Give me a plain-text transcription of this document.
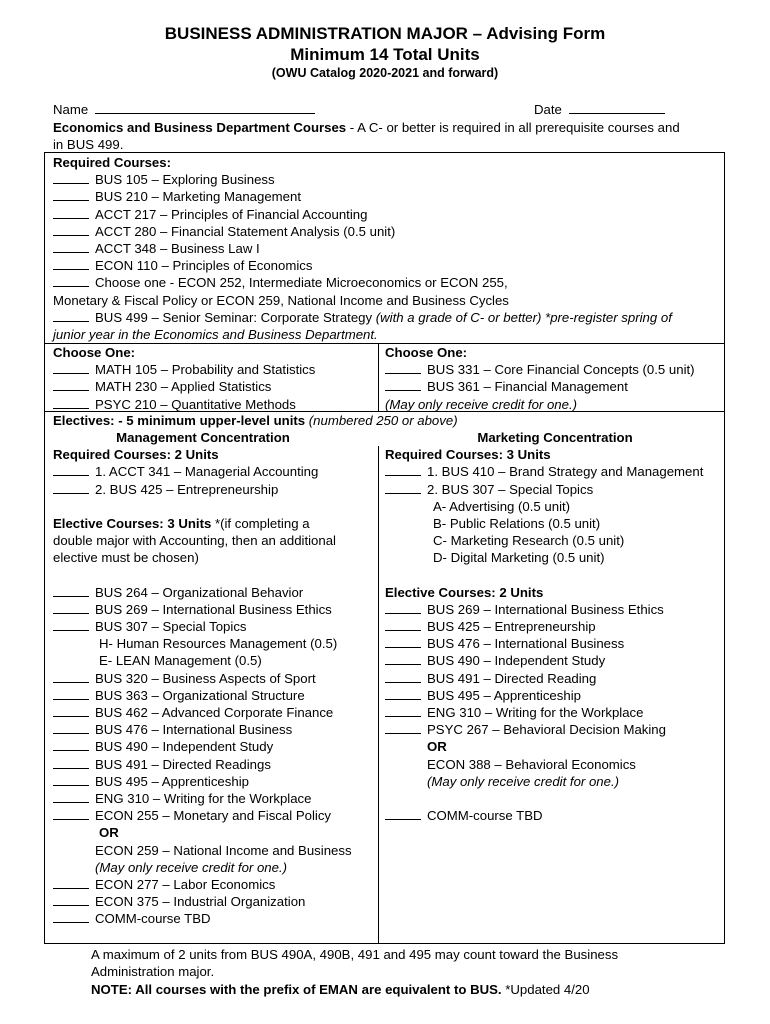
BUSINESS ADMINISTRATION MAJOR – Advising Form
Minimum 14 Total Units
(OWU Catalog 2020-2021 and forward)
Name	Date
Economics and Business Department Courses - A C- or better is required in all prerequisite courses and
in BUS 499.
Required Courses:
BUS 105 – Exploring Business
BUS 210 – Marketing Management
ACCT 217 – Principles of Financial Accounting
ACCT 280 – Financial Statement Analysis (0.5 unit)
ACCT 348 – Business Law I
ECON 110 – Principles of Economics
Choose one - ECON 252, Intermediate Microeconomics or ECON 255,
Monetary & Fiscal Policy or ECON 259, National Income and Business Cycles
BUS 499 – Senior Seminar: Corporate Strategy (with a grade of C- or better) *pre-register spring of
junior year in the Economics and Business Department.
Choose One:
MATH 105 – Probability and Statistics
MATH 230 – Applied Statistics
PSYC 210 – Quantitative Methods
Choose One:
BUS 331 – Core Financial Concepts (0.5 unit)
BUS 361 – Financial Management
(May only receive credit for one.)
Electives: - 5 minimum upper-level units (numbered 250 or above)
Management Concentration
Required Courses: 2 Units
1. ACCT 341 – Managerial Accounting
2. BUS 425 – Entrepreneurship
Elective Courses: 3 Units *(if completing a
double major with Accounting, then an additional
elective must be chosen)
BUS 264 – Organizational Behavior
BUS 269 – International Business Ethics
BUS 307 – Special Topics
H- Human Resources Management (0.5)
E- LEAN Management (0.5)
BUS 320 – Business Aspects of Sport
BUS 363 – Organizational Structure
BUS 462 – Advanced Corporate Finance
BUS 476 – International Business
BUS 490 – Independent Study
BUS 491 – Directed Readings
BUS 495 – Apprenticeship
ENG 310 – Writing for the Workplace
ECON 255 – Monetary and Fiscal Policy
OR
ECON 259 – National Income and Business
(May only receive credit for one.)
ECON 277 – Labor Economics
ECON 375 – Industrial Organization
COMM-course TBD
Marketing Concentration
Required Courses: 3 Units
1. BUS 410 – Brand Strategy and Management
2. BUS 307 – Special Topics
A- Advertising (0.5 unit)
B- Public Relations (0.5 unit)
C- Marketing Research (0.5 unit)
D- Digital Marketing (0.5 unit)
Elective Courses: 2 Units
BUS 269 – International Business Ethics
BUS 425 – Entrepreneurship
BUS 476 – International Business
BUS 490 – Independent Study
BUS 491 – Directed Reading
BUS 495 – Apprenticeship
ENG 310 – Writing for the Workplace
PSYC 267 – Behavioral Decision Making
OR
ECON 388 – Behavioral Economics
(May only receive credit for one.)
COMM-course TBD
A maximum of 2 units from BUS 490A, 490B, 491 and 495 may count toward the Business
Administration major.
NOTE: All courses with the prefix of EMAN are equivalent to BUS. *Updated 4/20
